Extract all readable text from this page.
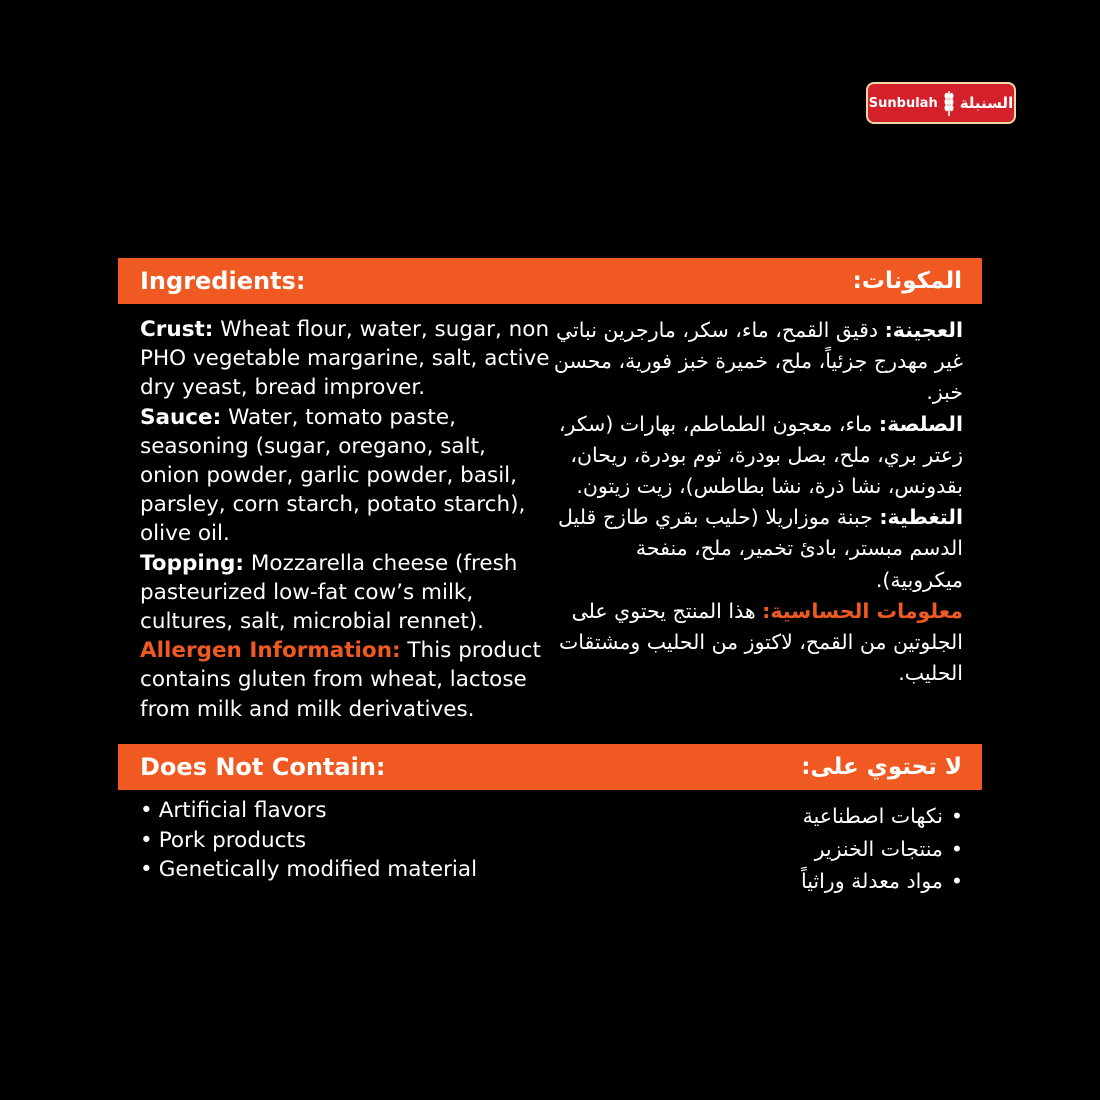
Sunbulah السنبلة
Ingredients:	المكونات:

Crust: Wheat flour, water, sugar, non PHO vegetable margarine, salt, active dry yeast, bread improver.

Sauce: Water, tomato paste, seasoning (sugar, oregano, salt, onion powder, garlic powder, basil, parsley, corn starch, potato starch), olive oil.

Topping: Mozzarella cheese (fresh pasteurized low-fat cow’s milk, cultures, salt, microbial rennet).

Allergen Information: This product contains gluten from wheat, lactose from milk and milk derivatives.

العجينة: دقيق القمح، ماء، سكر، مارجرين نباتي غير مهدرج جزئياً، ملح، خميرة خبز فورية، محسن خبز.

الصلصة: ماء، معجون الطماطم، بهارات (سكر، زعتر بري، ملح، بصل بودرة، ثوم بودرة، ريحان، بقدونس، نشا ذرة، نشا بطاطس)، زيت زيتون.

التغطية: جبنة موزاريلا (حليب بقري طازج قليل الدسم مبستر، بادئ تخمير، ملح، منفحة ميكروبية).

معلومات الحساسية: هذا المنتج يحتوي على الجلوتين من القمح، لاكتوز من الحليب ومشتقات الحليب.

Does Not Contain:	لا تحتوي على:
• Artificial flavors
• Pork products
• Genetically modified material
• نكهات اصطناعية
• منتجات الخنزير
• مواد معدلة وراثياً
